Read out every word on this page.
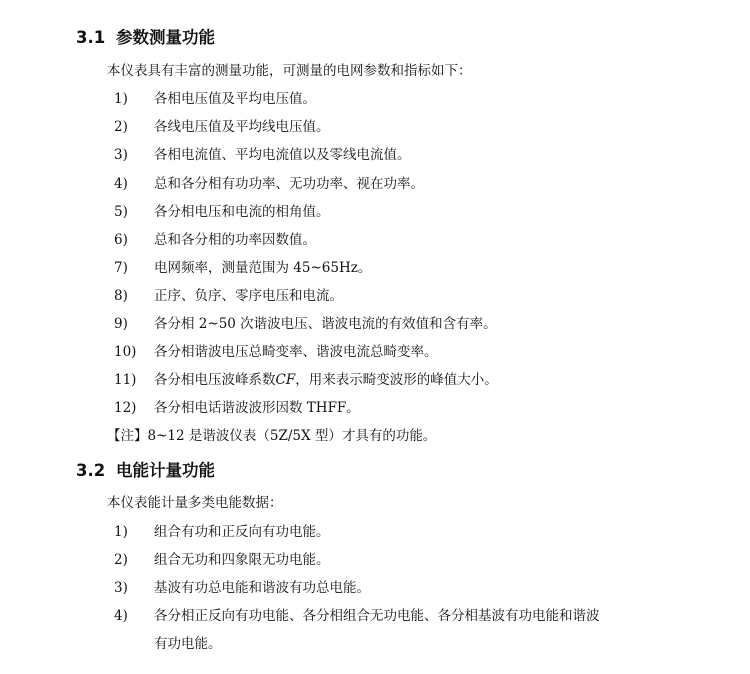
3.1 参数测量功能
本仪表具有丰富的测量功能，可测量的电网参数和指标如下：
1) 各相电压值及平均电压值。
2) 各线电压值及平均线电压值。
3) 各相电流值、平均电流值以及零线电流值。
4) 总和各分相有功功率、无功功率、视在功率。
5) 各分相电压和电流的相角值。
6) 总和各分相的功率因数值。
7) 电网频率，测量范围为 45~65Hz。
8) 正序、负序、零序电压和电流。
9) 各分相 2~50 次谐波电压、谐波电流的有效值和含有率。
10) 各分相谐波电压总畸变率、谐波电流总畸变率。
11) 各分相电压波峰系数CF，用来表示畸变波形的峰值大小。
12) 各分相电话谐波波形因数 THFF。
【注】8~12 是谐波仪表（5Z/5X 型）才具有的功能。
3.2 电能计量功能
本仪表能计量多类电能数据：
1) 组合有功和正反向有功电能。
2) 组合无功和四象限无功电能。
3) 基波有功总电能和谐波有功总电能。
4) 各分相正反向有功电能、各分相组合无功电能、各分相基波有功电能和谐波
有功电能。
